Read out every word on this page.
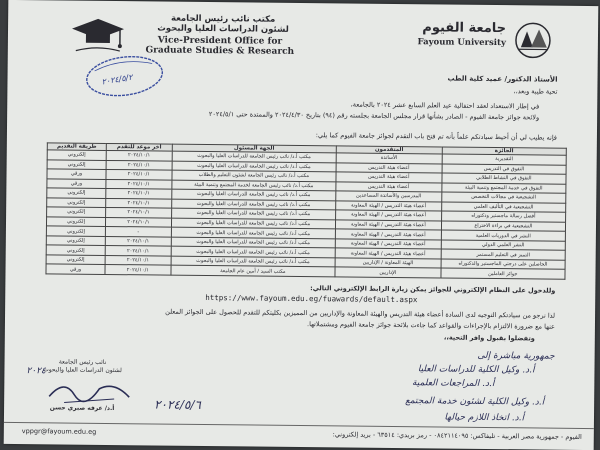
مكتب نائب رئيس الجامعة
لشئون الدراسات العليا والبحوث
Vice-President Office for
Graduate Studies & Research
جامعة الفيوم
Fayoum University
٢٠٢٤/٥/٢	الأستاذ الدكتور/ عميد كلية الطب
تحية طيبة وبعد،،
في إطار الاستعداد لعقد احتفالية عيد العلم السابع عشر ٢٠٢٤ بالجامعة،
ولائحة جوائز جامعة الفيوم - الصادر بشأنها قرار مجلس الجامعة بجلسته رقم (٩٤) بتاريخ ٢٠٢٤/٤/٣٠ والممتدة حتى ٢٠٢٤/٥/١
فإنه يطيب لي أن أحيط سيادتكم علماً بأنه تم فتح باب التقدم لجوائز جامعة الفيوم كما يلي:
الجائزة	المتقدمون	الجهة المسئول	آخر موعد للتقدم	طريقة التقديم
التقديرية	الأساتذة	مكتب أ.د/ نائب رئيس الجامعة للدراسات العليا والبحوث	٢٠٢٤/١٠/١	إلكتروني
التفوق في التدريس	أعضاء هيئة التدريس	مكتب أ.د/ نائب رئيس الجامعة للدراسات العليا والبحوث	٢٠٢٤/١٠/١	إلكتروني
التفوق في النشاط الطلابي	أعضاء هيئة التدريس	مكتب أ.د/ نائب رئيس الجامعة لشئون التعليم والطلاب	٢٠٢٤/١٠/١	ورقي
التفوق في خدمة المجتمع وتنمية البيئة	أعضاء هيئة التدريس	مكتب أ.د/ نائب رئيس الجامعة لخدمة المجتمع وتنمية البيئة	٢٠٢٤/١٠/١	ورقي
التشجيعية في مجالات التخصص	المدرسين والأساتذة المساعدين	مكتب أ.د/ نائب رئيس الجامعة للدراسات العليا والبحوث	٢٠٢٤/١٠/١	إلكتروني
التشجيعية في التأليف العلمي	أعضاء هيئة التدريس / الهيئة المعاونة	مكتب أ.د/ نائب رئيس الجامعة للدراسات العليا والبحوث	٢٠٢٤/١٠/١	إلكتروني
أفضل رسالة ماجستير ودكتوراه	أعضاء هيئة التدريس / الهيئة المعاونة	مكتب أ.د/ نائب رئيس الجامعة للدراسات العليا والبحوث	٢٠٢٤/١٠/١	إلكتروني
التشجيعية في براءة الاختراع	أعضاء هيئة التدريس / الهيئة المعاونة	مكتب أ.د/ نائب رئيس الجامعة للدراسات العليا والبحوث	٢٠٢٤/١٠/١	إلكتروني
النشر في الدوريات العلمية	أعضاء هيئة التدريس / الهيئة المعاونة	مكتب أ.د/ نائب رئيس الجامعة للدراسات العليا والبحوث	-	إلكتروني
النشر العلمي الدولي	أعضاء هيئة التدريس / الهيئة المعاونة	مكتب أ.د/ نائب رئيس الجامعة للدراسات العليا والبحوث	٢٠٢٤/١٠/١	إلكتروني
التميز في التعليم المستمر	أعضاء هيئة التدريس / الهيئة المعاونة	مكتب أ.د/ نائب رئيس الجامعة للدراسات العليا والبحوث	٢٠٢٤/١٠/١	إلكتروني
الحاصلين على درجتي الماجستير والدكتوراه	الهيئة المعاونة / الإداريين	مكتب أ.د/ نائب رئيس الجامعة للدراسات العليا والبحوث	٢٠٢٤/١٠/١	إلكتروني
جوائز العاملين	الإداريين	مكتب السيد / أمين عام الجامعة	٢٠٢٤/١٠/١	ورقي
وللدخول على النظام الإلكتروني للجوائز يمكن زيارة الرابط الإلكتروني التالي:
https://www.fayoum.edu.eg/fuawards/default.aspx
لذا نرجو من سيادتكم التوجيه لدى السادة أعضاء هيئة التدريس والهيئة المعاونة والإداريين من المميزين بكليتكم للتقدم للحصول على الجوائز المعلن
عنها مع ضرورة الالتزام بالإجراءات والقواعد كما جاءت بلائحة جوائز جامعة الفيوم ومشتملاتها.
وتفضلوا بقبول وافر التحية،،
نائب رئيس الجامعة
لشئون الدراسات العليا والبحوث
٢٠٢٤
أ.د/ عرفه صبري حسن
جمهورية مباشرة إلى
أ.د. وكيل الكلية للدراسات العليا
أ.د. المراجعات العلمية
أ.د. وكيل الكلية لشئون خدمة المجتمع
أ.د. اتخاذ اللازم حيالها
٢٠٢٤/٥/٦
vppgr@fayoum.edu.eg	الفيوم - جمهورية مصر العربية - تليفاكس: ٠٨٤٢١١٤٠٩٥ - رمز بريدي: ٦٣٥١٤ - بريد إلكتروني:
